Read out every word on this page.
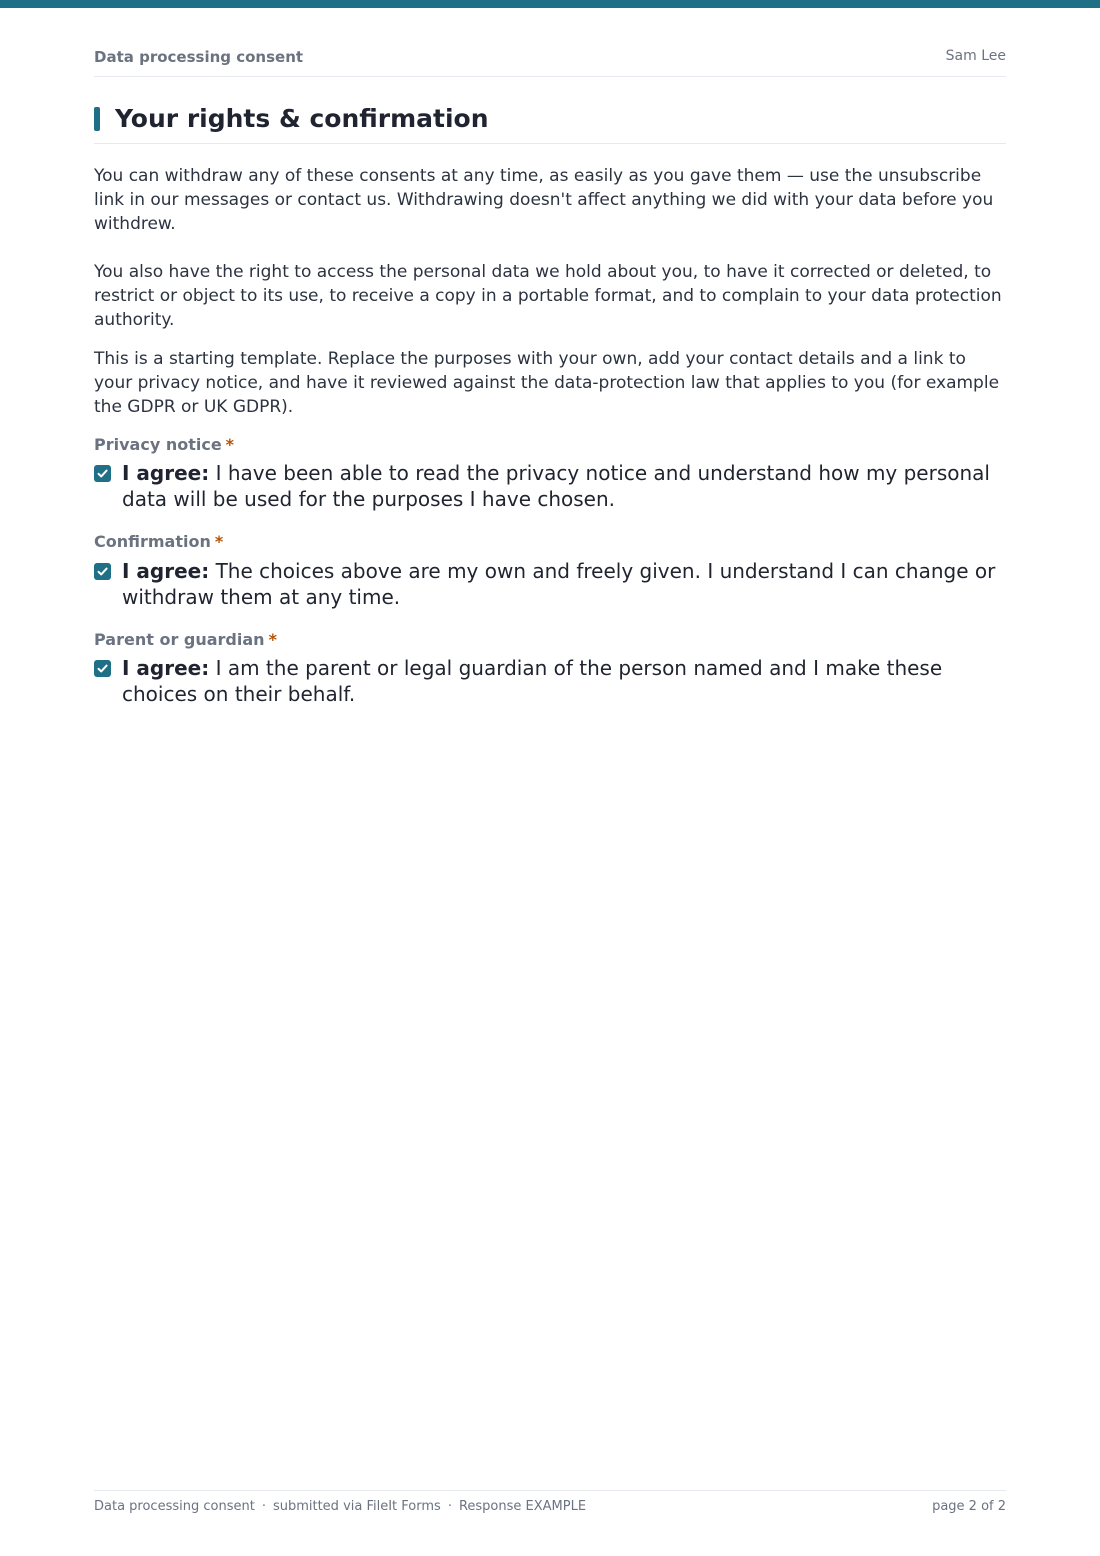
Data processing consent	Sam Lee
Your rights & confirmation

You can withdraw any of these consents at any time, as easily as you gave them — use the unsubscribe link in our messages or contact us. Withdrawing doesn't affect anything we did with your data before you withdrew.

You also have the right to access the personal data we hold about you, to have it corrected or deleted, to restrict or object to its use, to receive a copy in a portable format, and to complain to your data protection authority.

This is a starting template. Replace the purposes with your own, add your contact details and a link to your privacy notice, and have it reviewed against the data-protection law that applies to you (for example the GDPR or UK GDPR).

Privacy notice *
I agree: I have been able to read the privacy notice and understand how my personal data will be used for the purposes I have chosen.
Confirmation *
I agree: The choices above are my own and freely given. I understand I can change or withdraw them at any time.
Parent or guardian *
I agree: I am the parent or legal guardian of the person named and I make these choices on their behalf.
Data processing consent · submitted via FileIt Forms · Response EXAMPLE	page 2 of 2
